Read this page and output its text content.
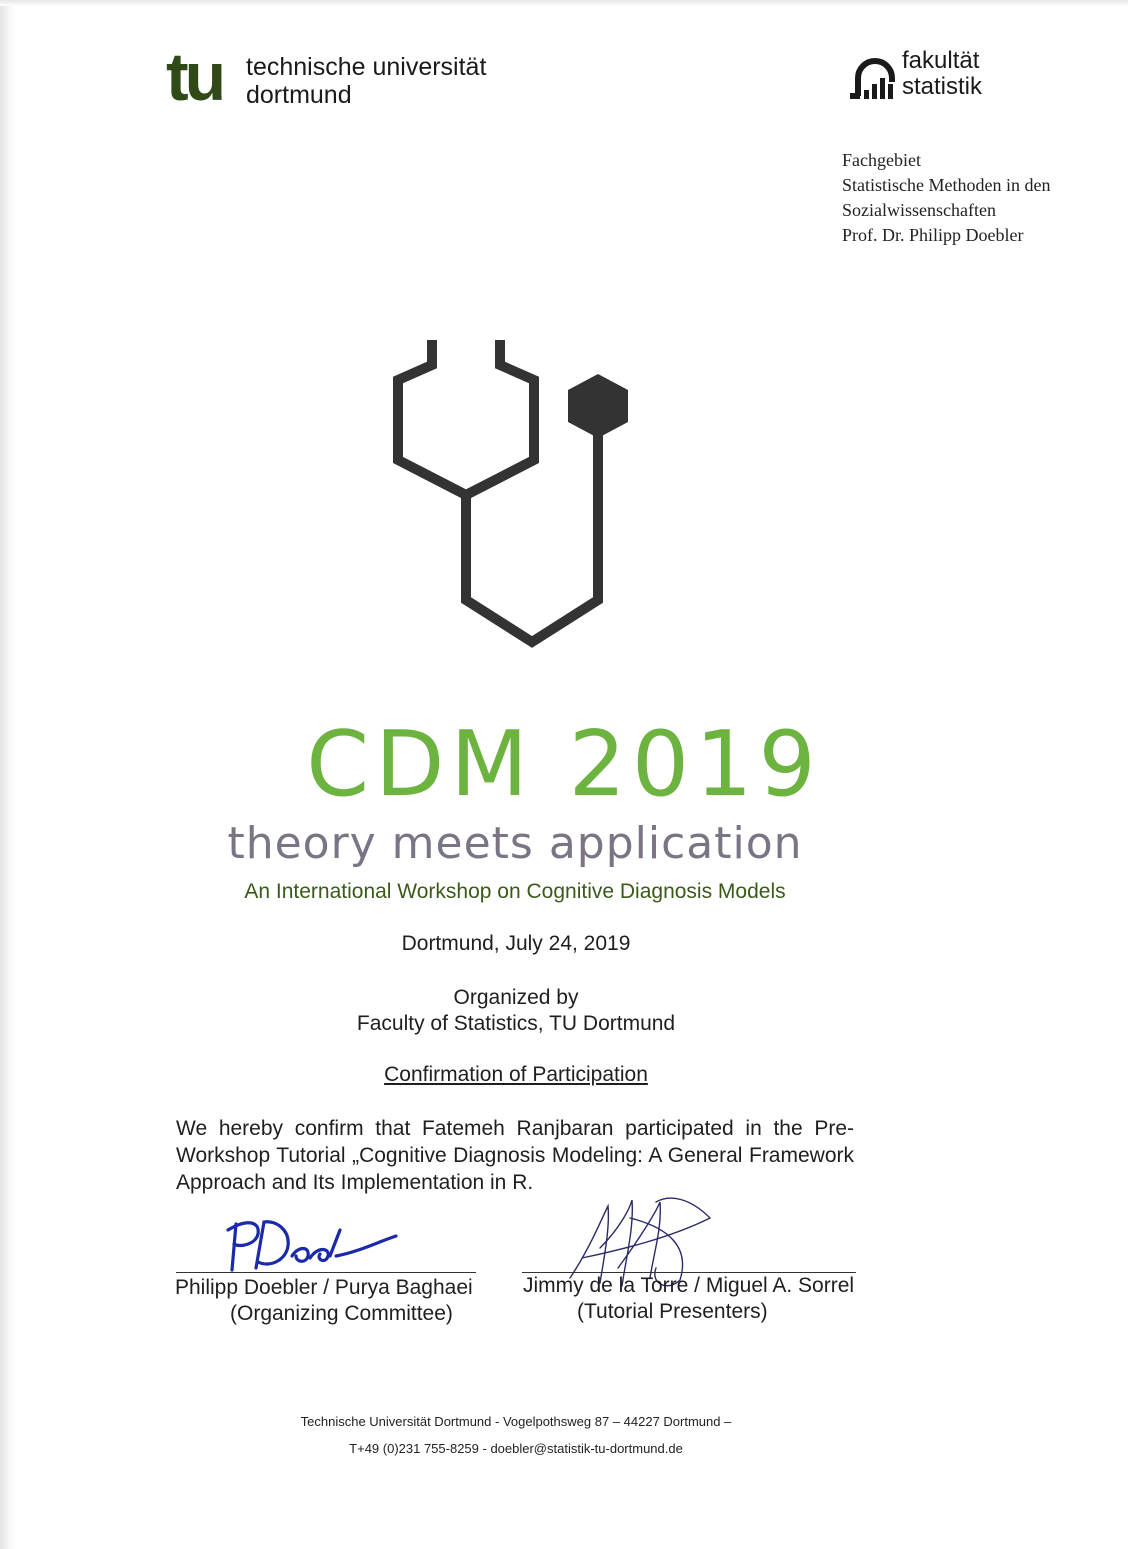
tu technische universität
dortmund
fakultät
statistik
Fachgebiet
Statistische Methoden in den
Sozialwissenschaften
Prof. Dr. Philipp Doebler
CDM 2019
theory meets application
An International Workshop on Cognitive Diagnosis Models
Dortmund, July 24, 2019
Organized by
Faculty of Statistics, TU Dortmund
Confirmation of Participation
We hereby confirm that Fatemeh Ranjbaran participated in the Pre-Workshop Tutorial „Cognitive Diagnosis Modeling: A General Framework Approach and Its Implementation in R.
Philipp Doebler / Purya Baghaei
(Organizing Committee)
Jimmy de la Torre / Miguel A. Sorrel
(Tutorial Presenters)
Technische Universität Dortmund - Vogelpothsweg 87 – 44227 Dortmund –
T+49 (0)231 755-8259 - doebler@statistik-tu-dortmund.de
